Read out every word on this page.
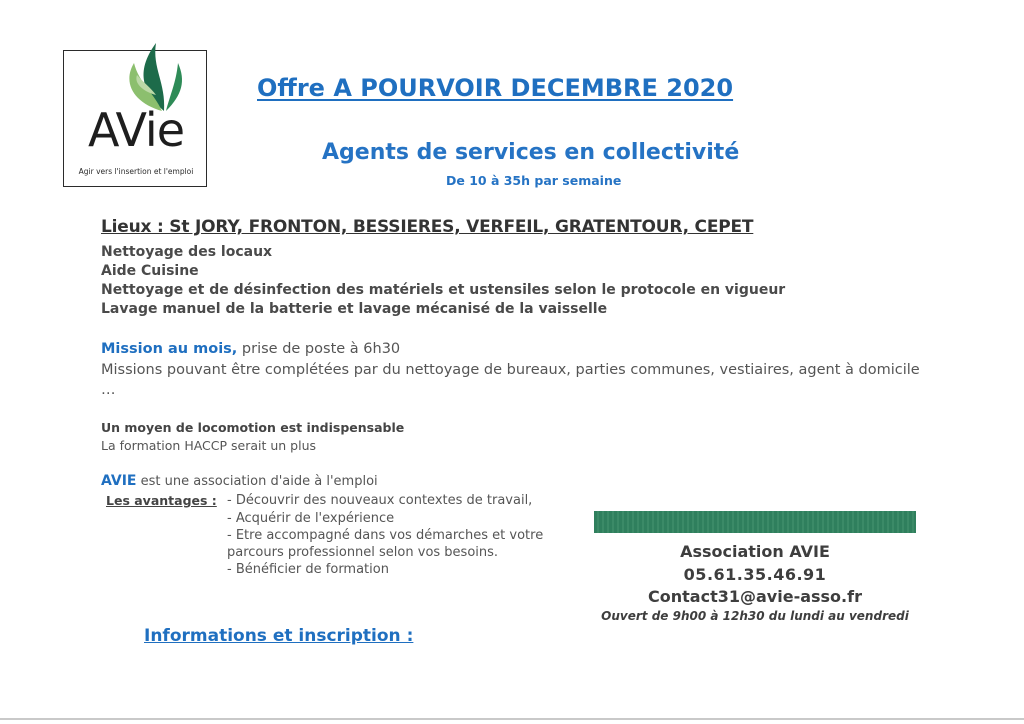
AVie
Agir vers l'insertion et l'emploi
Offre A POURVOIR DECEMBRE 2020
Agents de services en collectivité
De 10 à 35h par semaine
Lieux : St JORY, FRONTON, BESSIERES, VERFEIL, GRATENTOUR, CEPET
Nettoyage des locaux
Aide Cuisine
Nettoyage et de désinfection des matériels et ustensiles selon le protocole en vigueur
Lavage manuel de la batterie et lavage mécanisé de la vaisselle
Mission au mois, prise de poste à 6h30
Missions pouvant être complétées par du nettoyage de bureaux, parties communes, vestiaires, agent à domicile …
Un moyen de locomotion est indispensable
La formation HACCP serait un plus
AVIE est une association d'aide à l'emploi
Les avantages : - Découvrir des nouveaux contextes de travail,
- Acquérir de l'expérience
- Etre accompagné dans vos démarches et votre
parcours professionnel selon vos besoins.
- Bénéficier de formation
Association AVIE
05.61.35.46.91
Contact31@avie-asso.fr
Ouvert de 9h00 à 12h30 du lundi au vendredi
Informations et inscription :
